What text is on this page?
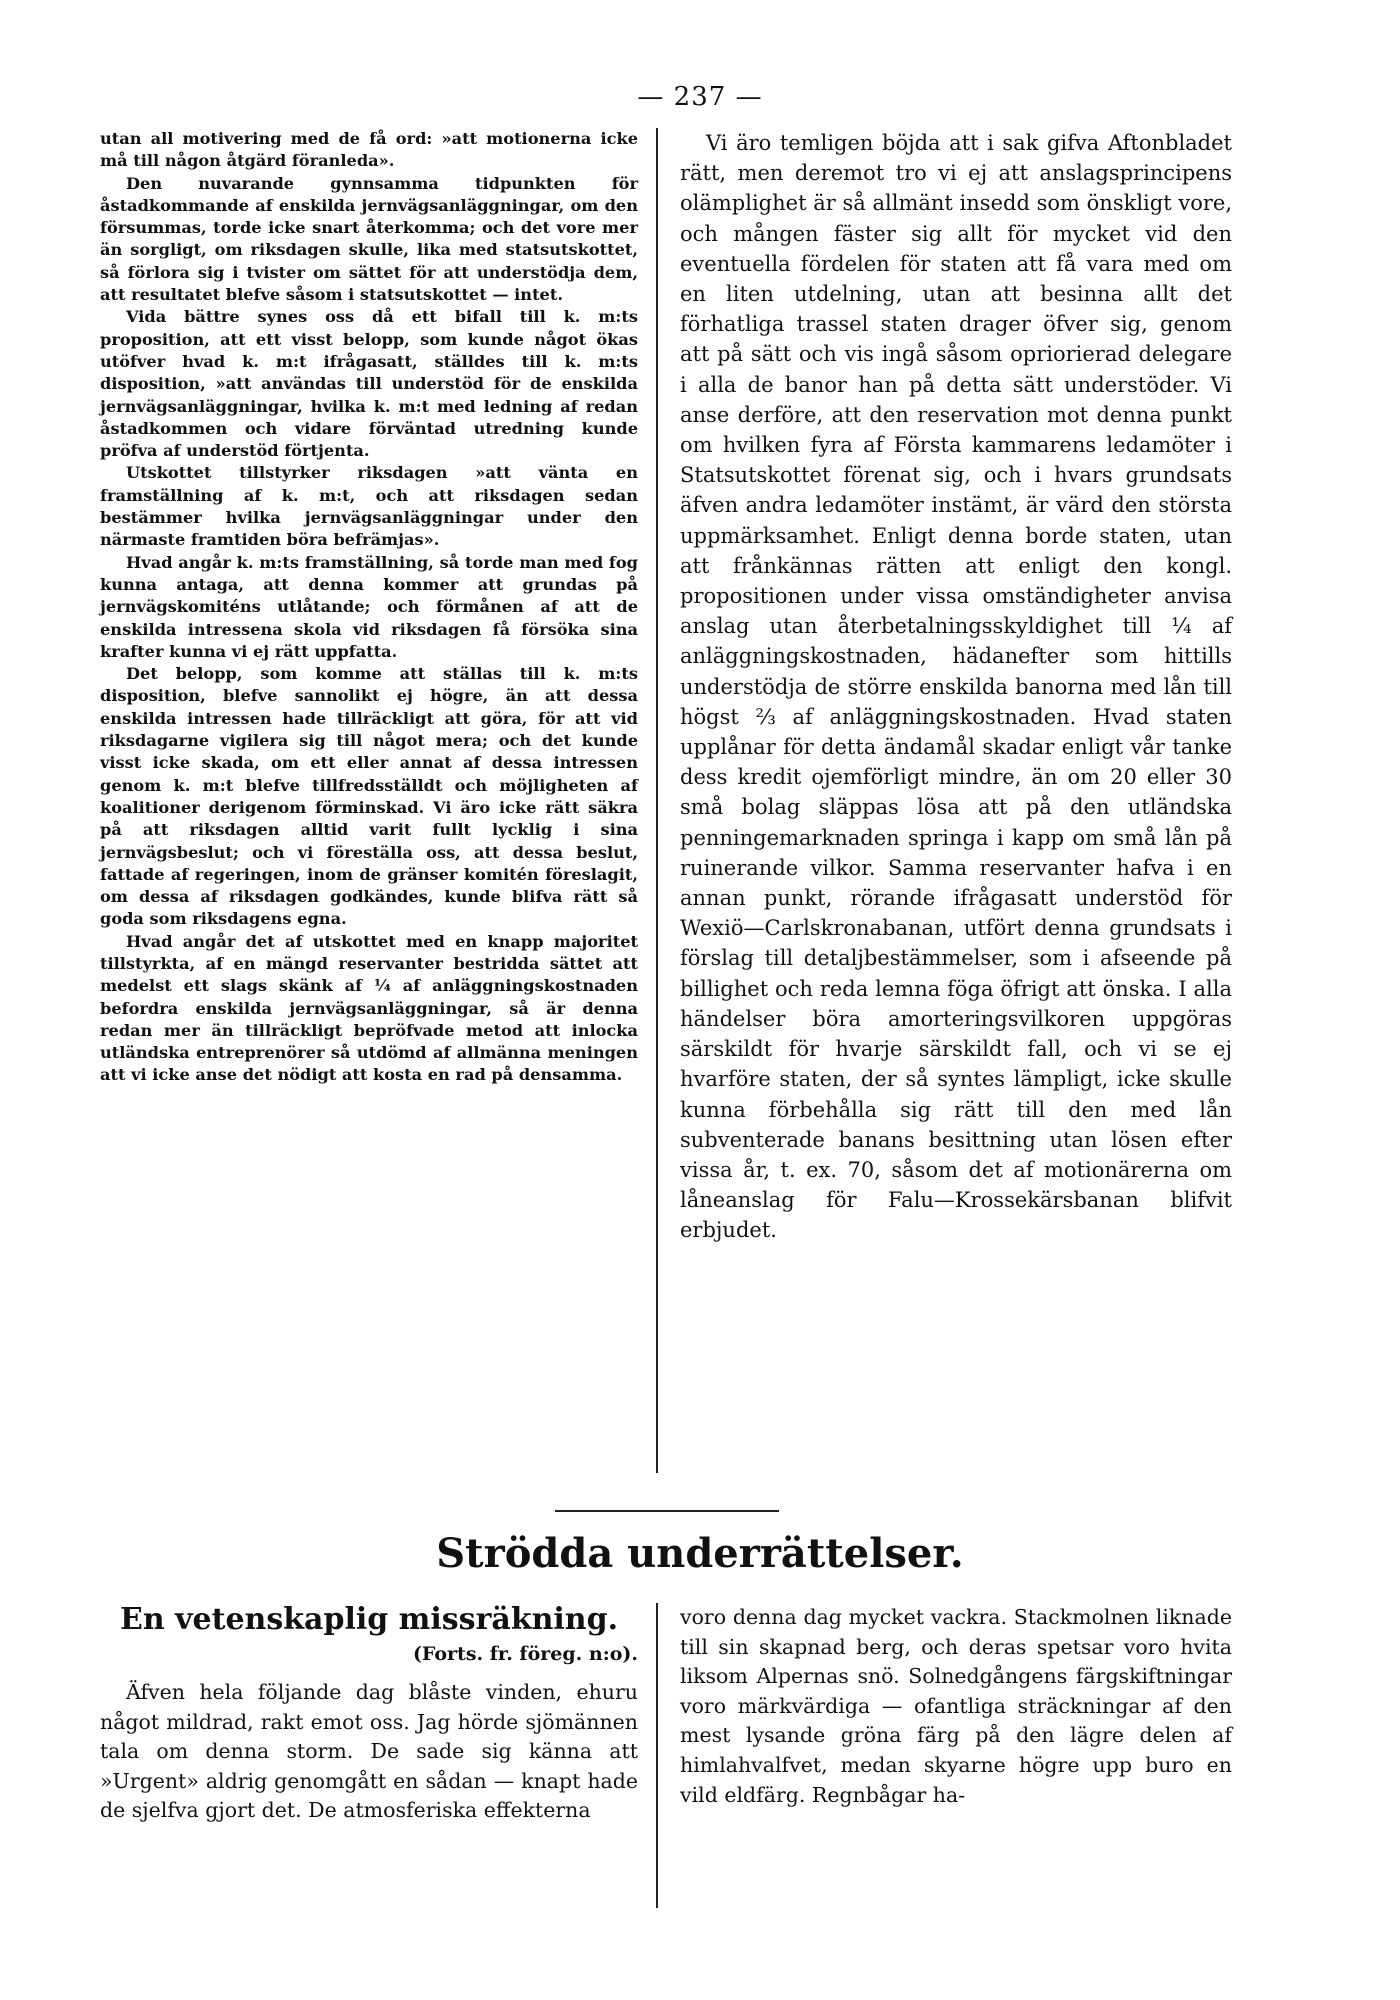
— 237 —

utan all motivering med de få ord: »att motionerna icke må till någon åtgärd föranleda».

Den nuvarande gynnsamma tidpunkten för åstadkommande af enskilda jernvägsanläggningar, om den försummas, torde icke snart återkomma; och det vore mer än sorgligt, om riksdagen skulle, lika med statsutskottet, så förlora sig i tvister om sättet för att understödja dem, att resultatet blefve såsom i statsutskottet — intet.

Vida bättre synes oss då ett bifall till k. m:ts proposition, att ett visst belopp, som kunde något ökas utöfver hvad k. m:t ifrågasatt, ställdes till k. m:ts disposition, »att användas till understöd för de enskilda jernvägsanläggningar, hvilka k. m:t med ledning af redan åstadkommen och vidare förväntad utredning kunde pröfva af understöd förtjenta.

Utskottet tillstyrker riksdagen »att vänta en framställning af k. m:t, och att riksdagen sedan bestämmer hvilka jernvägsanläggningar under den närmaste framtiden böra befrämjas».

Hvad angår k. m:ts framställning, så torde man med fog kunna antaga, att denna kommer att grundas på jernvägskomiténs utlåtande; och förmånen af att de enskilda intressena skola vid riksdagen få försöka sina krafter kunna vi ej rätt uppfatta.

Det belopp, som komme att ställas till k. m:ts disposition, blefve sannolikt ej högre, än att dessa enskilda intressen hade tillräckligt att göra, för att vid riksdagarne vigilera sig till något mera; och det kunde visst icke skada, om ett eller annat af dessa intressen genom k. m:t blefve tillfredsställdt och möjligheten af koalitioner derigenom förminskad. Vi äro icke rätt säkra på att riksdagen alltid varit fullt lycklig i sina jernvägsbeslut; och vi föreställa oss, att dessa beslut, fattade af regeringen, inom de gränser komitén föreslagit, om dessa af riksdagen godkändes, kunde blifva rätt så goda som riksdagens egna.

Hvad angår det af utskottet med en knapp majoritet tillstyrkta, af en mängd reservanter bestridda sättet att medelst ett slags skänk af ¼ af anläggningskostnaden befordra enskilda jernvägsanläggningar, så är denna redan mer än tillräckligt bepröfvade metod att inlocka utländska entreprenörer så utdömd af allmänna meningen att vi icke anse det nödigt att kosta en rad på densamma.

Vi äro temligen böjda att i sak gifva Aftonbladet rätt, men deremot tro vi ej att anslagsprincipens olämplighet är så allmänt insedd som önskligt vore, och mången fäster sig allt för mycket vid den eventuella fördelen för staten att få vara med om en liten utdelning, utan att besinna allt det förhatliga trassel staten drager öfver sig, genom att på sätt och vis ingå såsom opriorierad delegare i alla de banor han på detta sätt understöder. Vi anse derföre, att den reservation mot denna punkt om hvilken fyra af Första kammarens ledamöter i Statsutskottet förenat sig, och i hvars grundsats äfven andra ledamöter instämt, är värd den största uppmärksamhet. Enligt denna borde staten, utan att frånkännas rätten att enligt den kongl. propositionen under vissa omständigheter anvisa anslag utan återbetalningsskyldighet till ¼ af anläggningskostnaden, hädanefter som hittills understödja de större enskilda banorna med lån till högst ⅔ af anläggningskostnaden. Hvad staten upplånar för detta ändamål skadar enligt vår tanke dess kredit ojemförligt mindre, än om 20 eller 30 små bolag släppas lösa att på den utländska penningemarknaden springa i kapp om små lån på ruinerande vilkor. Samma reservanter hafva i en annan punkt, rörande ifrågasatt understöd för Wexiö—Carlskronabanan, utfört denna grundsats i förslag till detaljbestämmelser, som i afseende på billighet och reda lemna föga öfrigt att önska. I alla händelser böra amorteringsvilkoren uppgöras särskildt för hvarje särskildt fall, och vi se ej hvarföre staten, der så syntes lämpligt, icke skulle kunna förbehålla sig rätt till den med lån subventerade banans besittning utan lösen efter vissa år, t. ex. 70, såsom det af motionärerna om låneanslag för Falu—Krossekärsbanan blifvit erbjudet.

Strödda underrättelser.
En vetenskaplig missräkning.
(Forts. fr. föreg. n:o).

Äfven hela följande dag blåste vinden, ehuru något mildrad, rakt emot oss. Jag hörde sjömännen tala om denna storm. De sade sig känna att »Urgent» aldrig genomgått en sådan — knapt hade de sjelfva gjort det. De atmosferiska effekterna

voro denna dag mycket vackra. Stackmolnen liknade till sin skapnad berg, och deras spetsar voro hvita liksom Alpernas snö. Solnedgångens färgskiftningar voro märkvärdiga — ofantliga sträckningar af den mest lysande gröna färg på den lägre delen af himlahvalfvet, medan skyarne högre upp buro en vild eldfärg. Regnbågar ha-
